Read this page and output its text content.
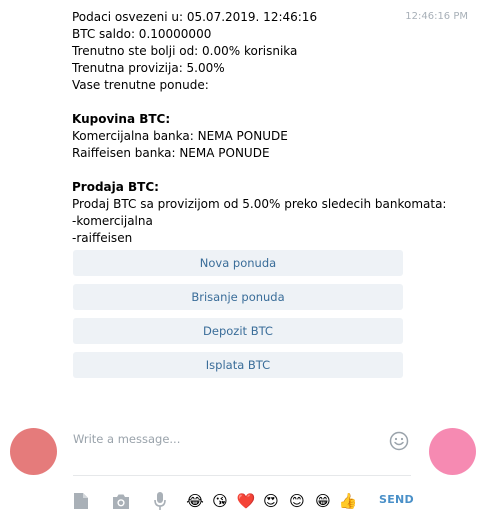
Podaci osvezeni u: 05.07.2019. 12:46:16
BTC saldo: 0.10000000
Trenutno ste bolji od: 0.00% korisnika
Trenutna provizija: 5.00%
Vase trenutne ponude:
Kupovina BTC:
Komercijalna banka: NEMA PONUDE
Raiffeisen banka: NEMA PONUDE
Prodaja BTC:
Prodaj BTC sa provizijom od 5.00% preko sledecih bankomata:
-komercijalna
-raiffeisen
12:46:16 PM
Nova ponuda
Brisanje ponuda
Depozit BTC
Isplata BTC
Write a message...
😂 😘 ❤️ 😍 😊 😁 👍 SEND
